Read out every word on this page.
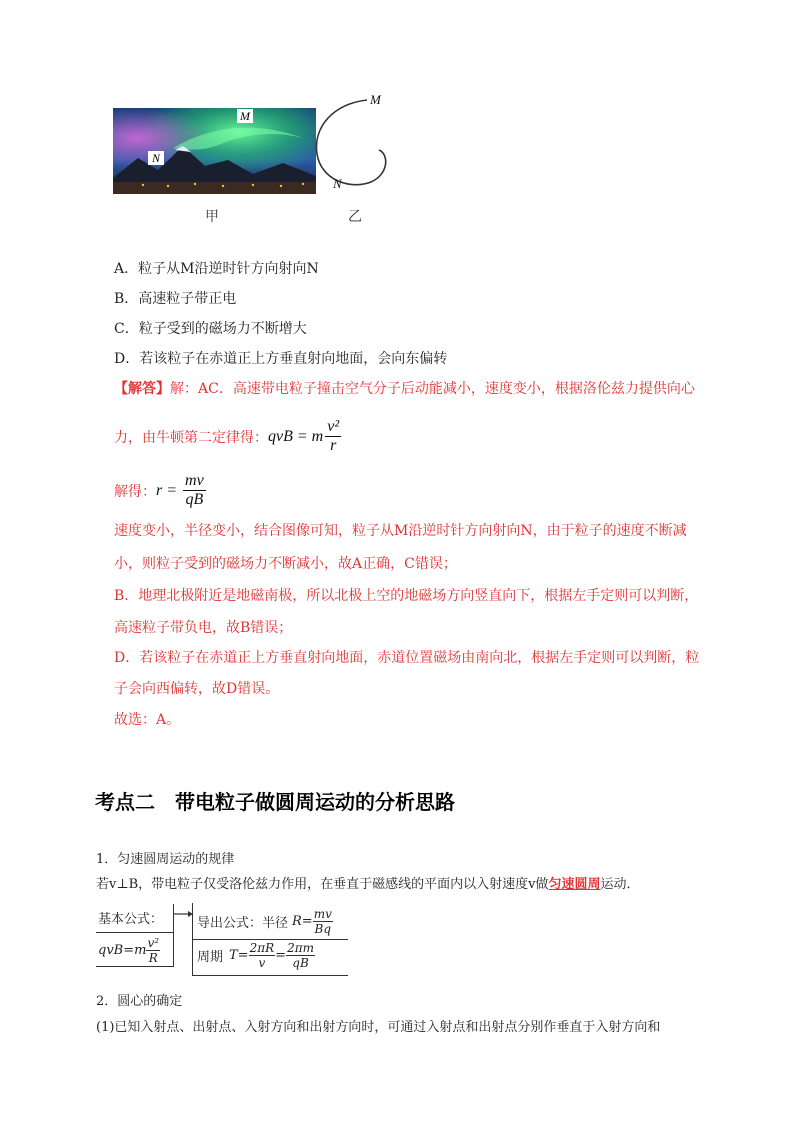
M
N
M
N
甲	乙
A．粒子从M沿逆时针方向射向N
B．高速粒子带正电
C．粒子受到的磁场力不断增大
D．若该粒子在赤道正上方垂直射向地面，会向东偏转
【解答】解：AC．高速带电粒子撞击空气分子后动能减小，速度变小，根据洛伦兹力提供向心
力，由牛顿第二定律得： qvB = m $\frac{\text{v²}}{r}$
解得： $r = \frac{mv}{qB}$
速度变小，半径变小，结合图像可知，粒子从M沿逆时针方向射向N，由于粒子的速度不断减
小，则粒子受到的磁场力不断减小，故A正确，C错误；
B．地理北极附近是地磁南极，所以北极上空的地磁场方向竖直向下，根据左手定则可以判断，
高速粒子带负电，故B错误；
D．若该粒子在赤道正上方垂直射向地面，赤道位置磁场由南向北，根据左手定则可以判断，粒
子会向西偏转，故D错误。
故选：A。
考点二　带电粒子做圆周运动的分析思路
1．匀速圆周运动的规律
若v⊥B，带电粒子仅受洛伦兹力作用，在垂直于磁感线的平面内以入射速度v做匀速圆周运动．
基本公式：
$qvB=m \frac{\text{v²}}{R}$
导出公式：半径 $R= \frac{mv}{Bq}$
周期 $T= \frac{2\pi R}{v} = \frac{2\pi m}{qB}$
2．圆心的确定
(1)已知入射点、出射点、入射方向和出射方向时，可通过入射点和出射点分别作垂直于入射方向和
